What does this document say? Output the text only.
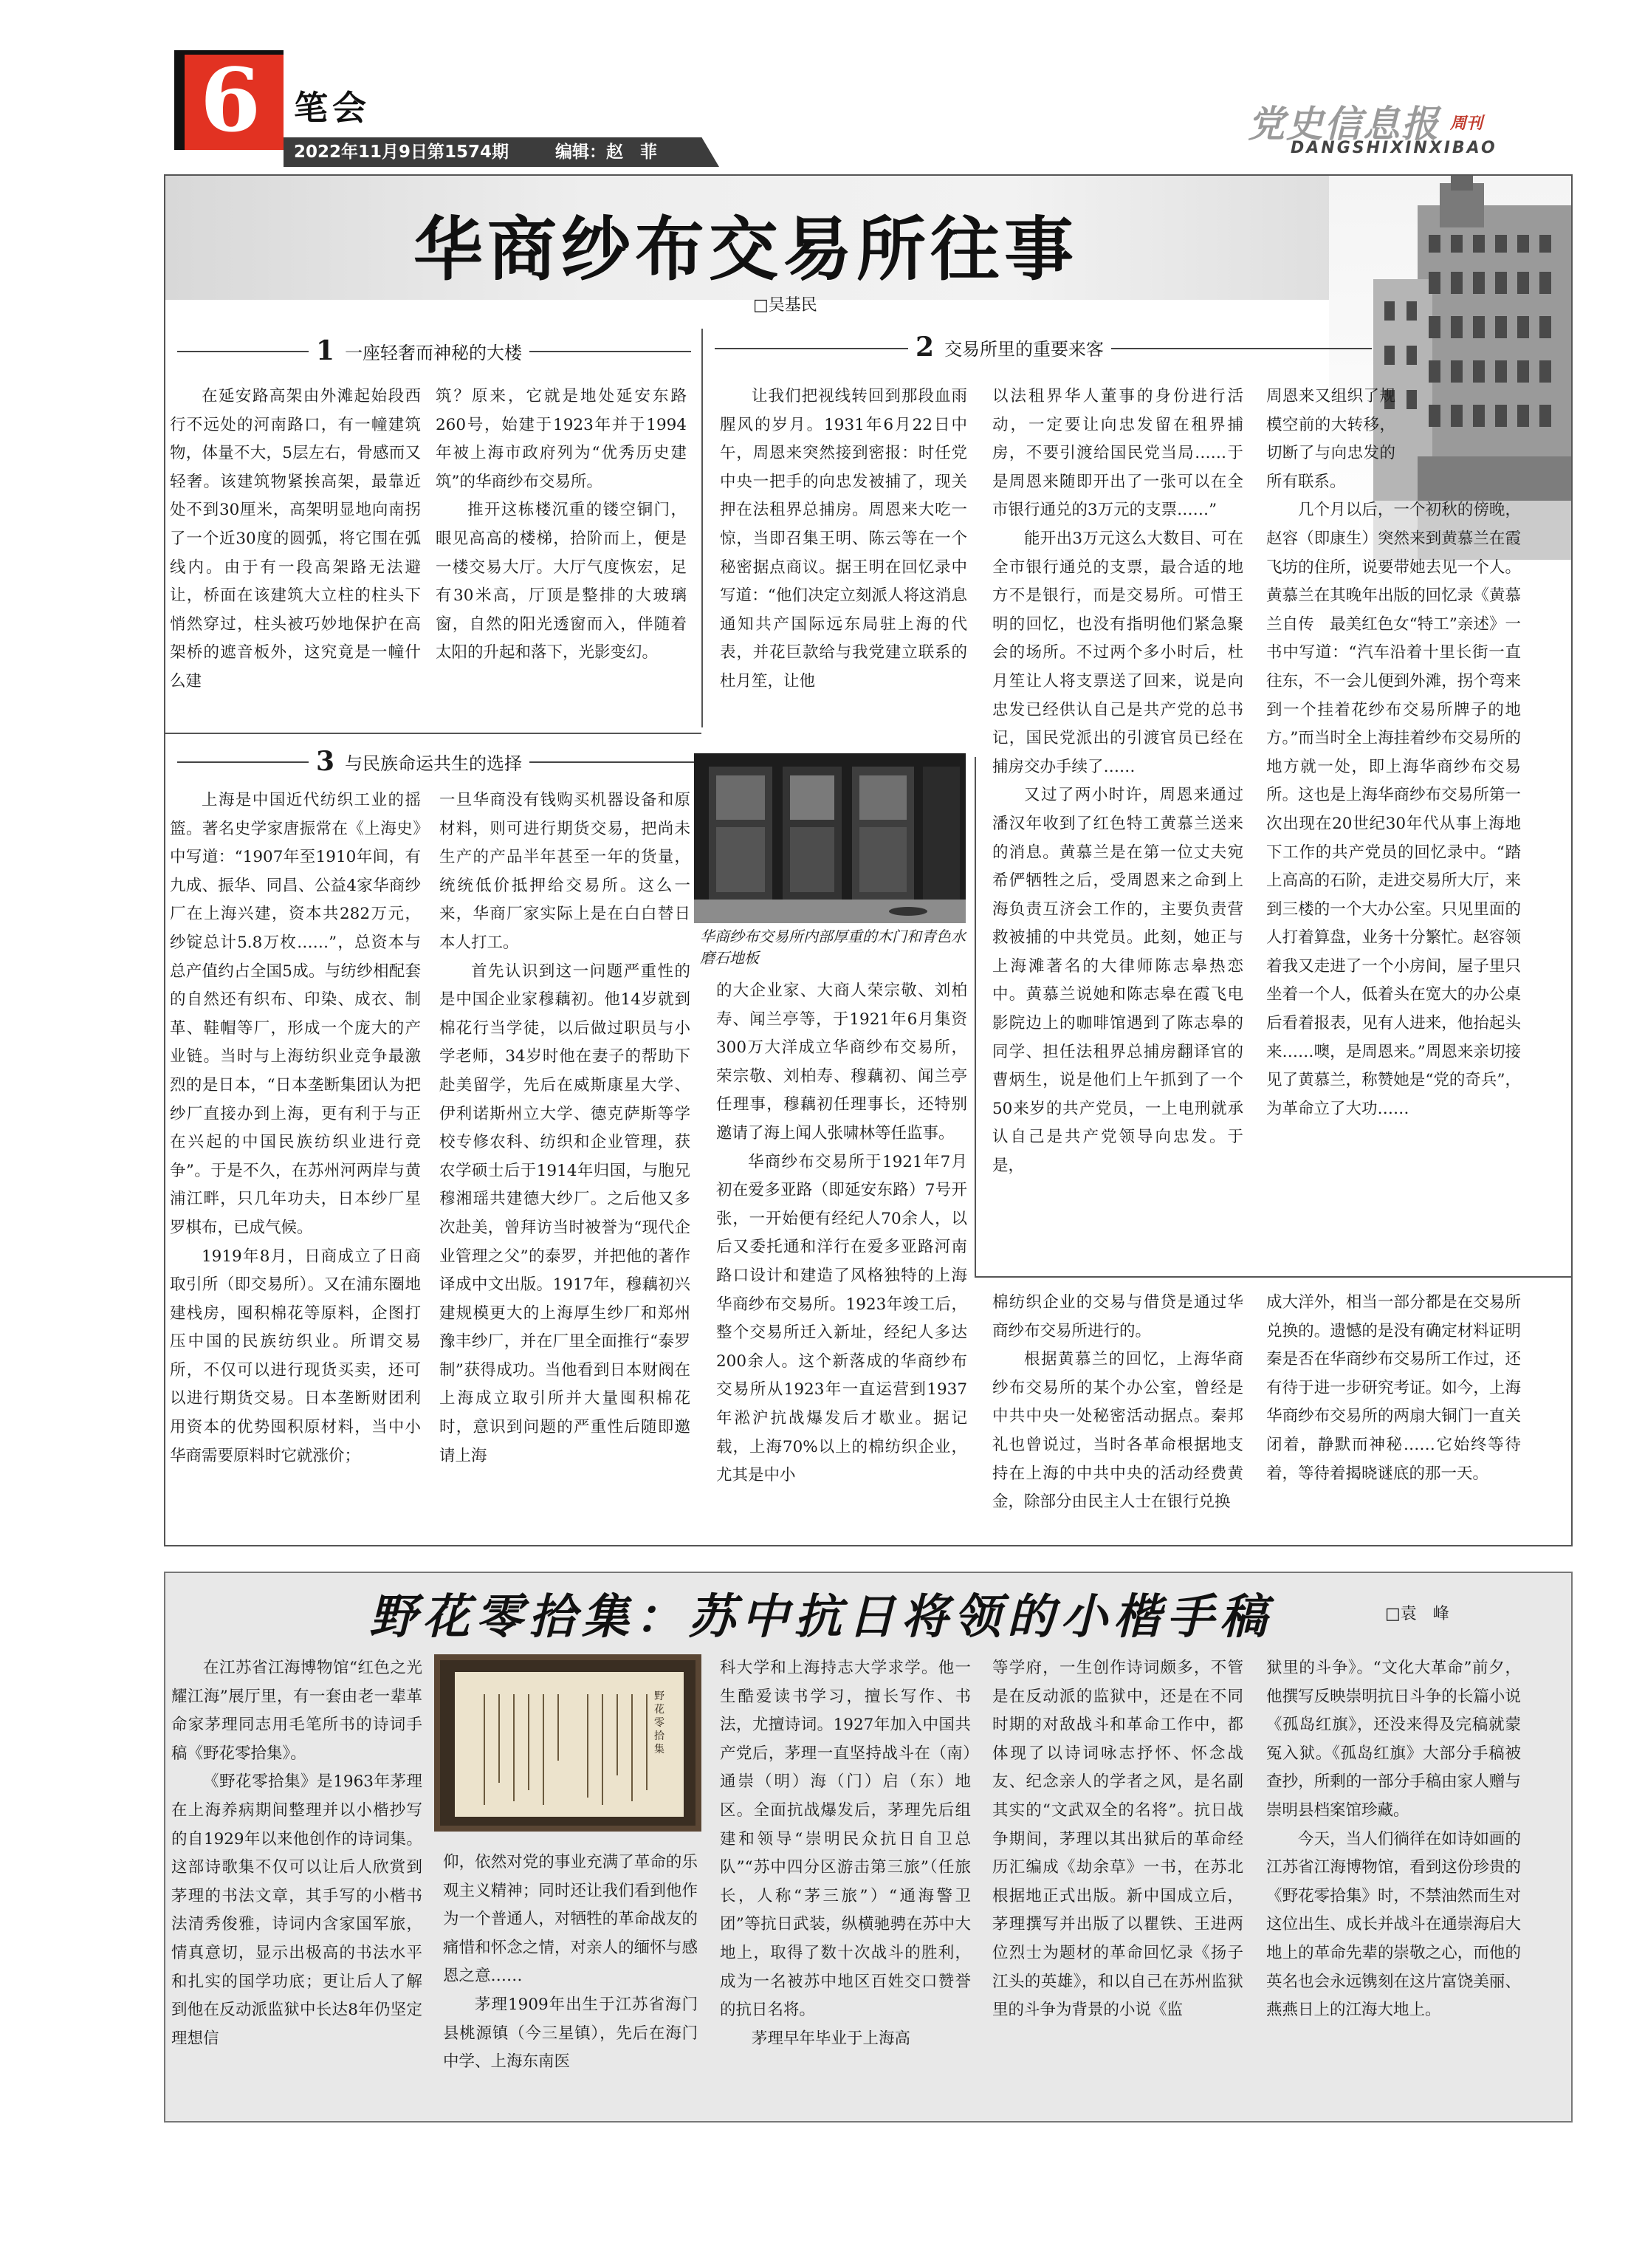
6 笔会
2022年11月9日第1574期	编辑：赵　菲
党史信息报 周刊
DANGSHIXINXIBAO
华商纱布交易所往事
□吴基民
1 一座轻奢而神秘的大楼	2 交易所里的重要来客
3 与民族命运共生的选择

在延安路高架由外滩起始段西行不远处的河南路口，有一幢建筑物，体量不大，5层左右，骨感而又轻奢。该建筑物紧挨高架，最靠近处不到30厘米，高架明显地向南拐了一个近30度的圆弧，将它围在弧线内。由于有一段高架路无法避让，桥面在该建筑大立柱的柱头下悄然穿过，柱头被巧妙地保护在高架桥的遮音板外，这究竟是一幢什么建

筑？原来，它就是地处延安东路260号，始建于1923年并于1994年被上海市政府列为“优秀历史建筑”的华商纱布交易所。

推开这栋楼沉重的镂空铜门，眼见高高的楼梯，拾阶而上，便是一楼交易大厅。大厅气度恢宏，足有30米高，厅顶是整排的大玻璃窗，自然的阳光透窗而入，伴随着太阳的升起和落下，光影变幻。

让我们把视线转回到那段血雨腥风的岁月。1931年6月22日中午，周恩来突然接到密报：时任党中央一把手的向忠发被捕了，现关押在法租界总捕房。周恩来大吃一惊，当即召集王明、陈云等在一个秘密据点商议。据王明在回忆录中写道：“他们决定立刻派人将这消息通知共产国际远东局驻上海的代表，并花巨款给与我党建立联系的杜月笙，让他

以法租界华人董事的身份进行活动，一定要让向忠发留在租界捕房，不要引渡给国民党当局……于是周恩来随即开出了一张可以在全市银行通兑的3万元的支票……”

能开出3万元这么大数目、可在全市银行通兑的支票，最合适的地方不是银行，而是交易所。可惜王明的回忆，也没有指明他们紧急聚会的场所。不过两个多小时后，杜月笙让人将支票送了回来，说是向忠发已经供认自己是共产党的总书记，国民党派出的引渡官员已经在捕房交办手续了……

又过了两小时许，周恩来通过潘汉年收到了红色特工黄慕兰送来的消息。黄慕兰是在第一位丈夫宛希俨牺牲之后，受周恩来之命到上海负责互济会工作的，主要负责营救被捕的中共党员。此刻，她正与上海滩著名的大律师陈志皋热恋中。黄慕兰说她和陈志皋在霞飞电影院边上的咖啡馆遇到了陈志皋的同学、担任法租界总捕房翻译官的曹炳生，说是他们上午抓到了一个50来岁的共产党员，一上电刑就承认自己是共产党领导向忠发。于是，

周恩来又组织了规模空前的大转移，切断了与向忠发的所有联系。

几个月以后，一个初秋的傍晚，赵容（即康生）突然来到黄慕兰在霞飞坊的住所，说要带她去见一个人。黄慕兰在其晚年出版的回忆录《黄慕兰自传　最美红色女“特工”亲述》一书中写道：“汽车沿着十里长街一直往东，不一会儿便到外滩，拐个弯来到一个挂着花纱布交易所牌子的地方。”而当时全上海挂着纱布交易所的地方就一处，即上海华商纱布交易所。这也是上海华商纱布交易所第一次出现在20世纪30年代从事上海地下工作的共产党员的回忆录中。“踏上高高的石阶，走进交易所大厅，来到三楼的一个大办公室。只见里面的人打着算盘，业务十分繁忙。赵容领着我又走进了一个小房间，屋子里只坐着一个人，低着头在宽大的办公桌后看着报表，见有人进来，他抬起头来……噢，是周恩来。”周恩来亲切接见了黄慕兰，称赞她是“党的奇兵”，为革命立了大功……

华商纱布交易所内部厚重的木门和青色水磨石地板

上海是中国近代纺织工业的摇篮。著名史学家唐振常在《上海史》中写道：“1907年至1910年间，有九成、振华、同昌、公益4家华商纱厂在上海兴建，资本共282万元，纱锭总计5.8万枚……”，总资本与总产值约占全国5成。与纺纱相配套的自然还有织布、印染、成衣、制革、鞋帽等厂，形成一个庞大的产业链。当时与上海纺织业竞争最激烈的是日本，“日本垄断集团认为把纱厂直接办到上海，更有利于与正在兴起的中国民族纺织业进行竞争”。于是不久，在苏州河两岸与黄浦江畔，只几年功夫，日本纱厂星罗棋布，已成气候。

1919年8月，日商成立了日商取引所（即交易所）。又在浦东圈地建栈房，囤积棉花等原料，企图打压中国的民族纺织业。所谓交易所，不仅可以进行现货买卖，还可以进行期货交易。日本垄断财团利用资本的优势囤积原材料，当中小华商需要原料时它就涨价；

一旦华商没有钱购买机器设备和原材料，则可进行期货交易，把尚未生产的产品半年甚至一年的货量，统统低价抵押给交易所。这么一来，华商厂家实际上是在白白替日本人打工。

首先认识到这一问题严重性的是中国企业家穆藕初。他14岁就到棉花行当学徒，以后做过职员与小学老师，34岁时他在妻子的帮助下赴美留学，先后在威斯康星大学、伊利诺斯州立大学、德克萨斯等学校专修农科、纺织和企业管理，获农学硕士后于1914年归国，与胞兄穆湘瑶共建德大纱厂。之后他又多次赴美，曾拜访当时被誉为“现代企业管理之父”的泰罗，并把他的著作译成中文出版。1917年，穆藕初兴建规模更大的上海厚生纱厂和郑州豫丰纱厂，并在厂里全面推行“泰罗制”获得成功。当他看到日本财阀在上海成立取引所并大量囤积棉花时，意识到问题的严重性后随即邀请上海

的大企业家、大商人荣宗敬、刘柏寿、闻兰亭等，于1921年6月集资300万大洋成立华商纱布交易所，荣宗敬、刘柏寿、穆藕初、闻兰亭任理事，穆藕初任理事长，还特别邀请了海上闻人张啸林等任监事。

华商纱布交易所于1921年7月初在爱多亚路（即延安东路）7号开张，一开始便有经纪人70余人，以后又委托通和洋行在爱多亚路河南路口设计和建造了风格独特的上海华商纱布交易所。1923年竣工后，整个交易所迁入新址，经纪人多达200余人。这个新落成的华商纱布交易所从1923年一直运营到1937年淞沪抗战爆发后才歇业。据记载，上海70%以上的棉纺织企业，尤其是中小

棉纺织企业的交易与借贷是通过华商纱布交易所进行的。

根据黄慕兰的回忆，上海华商纱布交易所的某个办公室，曾经是中共中央一处秘密活动据点。秦邦礼也曾说过，当时各革命根据地支持在上海的中共中央的活动经费黄金，除部分由民主人士在银行兑换

成大洋外，相当一部分都是在交易所兑换的。遗憾的是没有确定材料证明秦是否在华商纱布交易所工作过，还有待于进一步研究考证。如今，上海华商纱布交易所的两扇大铜门一直关闭着，静默而神秘……它始终等待着，等待着揭晓谜底的那一天。

野花零拾集：苏中抗日将领的小楷手稿	□袁　峰

在江苏省江海博物馆“红色之光耀江海”展厅里，有一套由老一辈革命家茅理同志用毛笔所书的诗词手稿《野花零拾集》。

《野花零拾集》是1963年茅理在上海养病期间整理并以小楷抄写的自1929年以来他创作的诗词集。这部诗歌集不仅可以让后人欣赏到茅理的书法文章，其手写的小楷书法清秀俊雅，诗词内含家国军旅，情真意切，显示出极高的书法水平和扎实的国学功底；更让后人了解到他在反动派监狱中长达8年仍坚定理想信

野花零拾集

仰，依然对党的事业充满了革命的乐观主义精神；同时还让我们看到他作为一个普通人，对牺牲的革命战友的痛惜和怀念之情，对亲人的缅怀与感恩之意……

茅理1909年出生于江苏省海门县桃源镇（今三星镇），先后在海门中学、上海东南医

科大学和上海持志大学求学。他一生酷爱读书学习，擅长写作、书法，尤擅诗词。1927年加入中国共产党后，茅理一直坚持战斗在（南）通崇（明）海（门）启（东）地区。全面抗战爆发后，茅理先后组建和领导“崇明民众抗日自卫总队”“苏中四分区游击第三旅”（任旅长，人称“茅三旅”）“通海警卫团”等抗日武装，纵横驰骋在苏中大地上，取得了数十次战斗的胜利，成为一名被苏中地区百姓交口赞誉的抗日名将。

茅理早年毕业于上海高

等学府，一生创作诗词颇多，不管是在反动派的监狱中，还是在不同时期的对敌战斗和革命工作中，都体现了以诗词咏志抒怀、怀念战友、纪念亲人的学者之风，是名副其实的“文武双全的名将”。抗日战争期间，茅理以其出狱后的革命经历汇编成《劫余草》一书，在苏北根据地正式出版。新中国成立后，茅理撰写并出版了以瞿铁、王进两位烈士为题材的革命回忆录《扬子江头的英雄》，和以自己在苏州监狱里的斗争为背景的小说《监

狱里的斗争》。“文化大革命”前夕，他撰写反映崇明抗日斗争的长篇小说《孤岛红旗》，还没来得及完稿就蒙冤入狱。《孤岛红旗》大部分手稿被查抄，所剩的一部分手稿由家人赠与崇明县档案馆珍藏。

今天，当人们徜徉在如诗如画的江苏省江海博物馆，看到这份珍贵的《野花零拾集》时，不禁油然而生对这位出生、成长并战斗在通崇海启大地上的革命先辈的崇敬之心，而他的英名也会永远镌刻在这片富饶美丽、燕燕日上的江海大地上。
